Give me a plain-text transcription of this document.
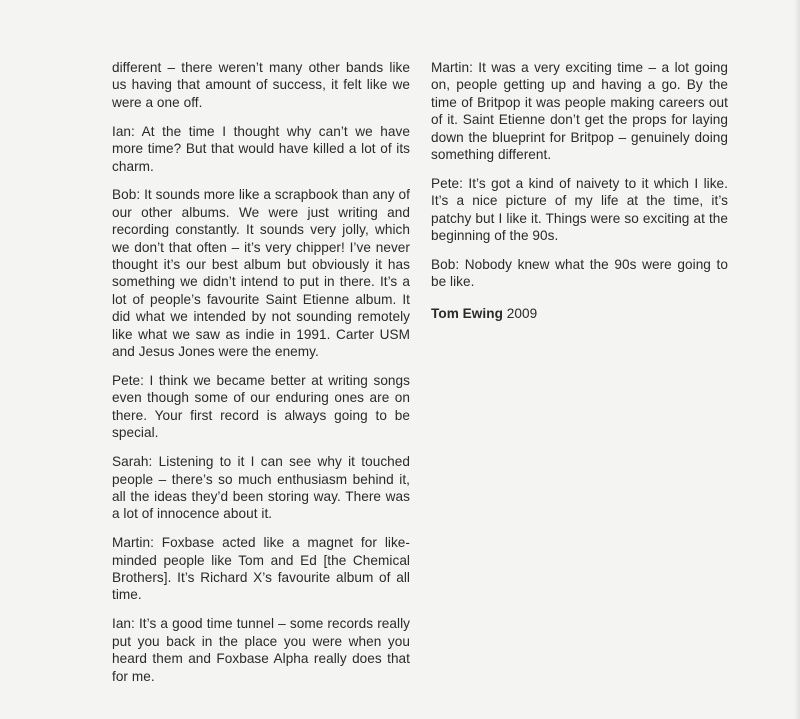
different – there weren’t many other bands like us having that amount of success, it felt like we were a one off.

Ian: At the time I thought why can’t we have more time? But that would have killed a lot of its charm.

Bob: It sounds more like a scrapbook than any of our other albums. We were just writing and recording constantly. It sounds very jolly, which we don’t that often – it’s very chipper! I’ve never thought it’s our best album but obviously it has something we didn’t intend to put in there. It’s a lot of people’s favourite Saint Etienne album. It did what we intended by not sounding remotely like what we saw as indie in 1991. Carter USM and Jesus Jones were the enemy.

Pete: I think we became better at writing songs even though some of our enduring ones are on there. Your first record is always going to be special.

Sarah: Listening to it I can see why it touched people – there’s so much enthusiasm behind it, all the ideas they’d been storing way. There was a lot of innocence about it.

Martin: Foxbase acted like a magnet for like-minded people like Tom and Ed [the Chemical Brothers]. It’s Richard X’s favourite album of all time.

Ian: It’s a good time tunnel – some records really put you back in the place you were when you heard them and Foxbase Alpha really does that for me.

Martin: It was a very exciting time – a lot going on, people getting up and having a go. By the time of Britpop it was people making careers out of it. Saint Etienne don’t get the props for laying down the blueprint for Britpop – genuinely doing something different.

Pete: It’s got a kind of naivety to it which I like. It’s a nice picture of my life at the time, it’s patchy but I like it. Things were so exciting at the beginning of the 90s.

Bob: Nobody knew what the 90s were going to be like.

Tom Ewing 2009
